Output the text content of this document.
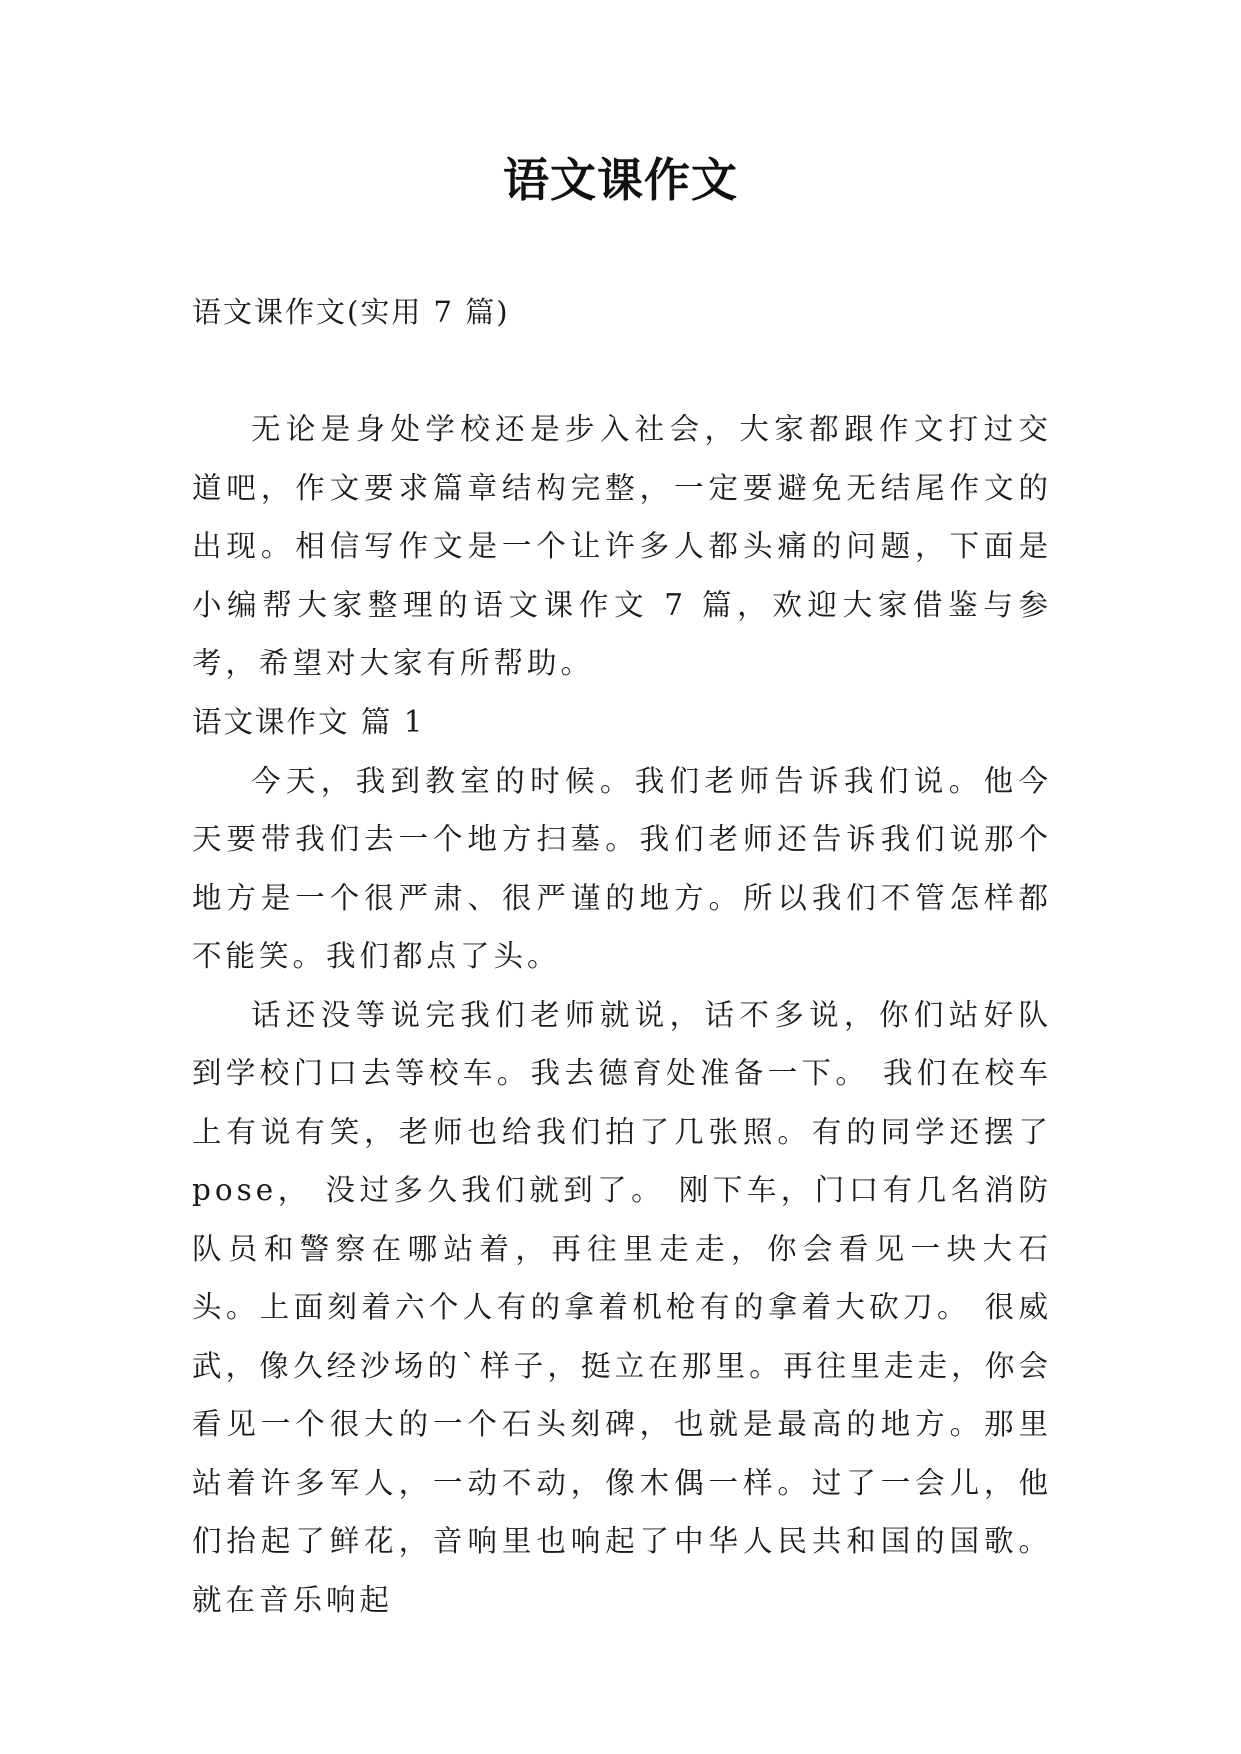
语文课作文
语文课作文(实用 7 篇)

无论是身处学校还是步入社会，大家都跟作文打过交道吧，作文要求篇章结构完整，一定要避免无结尾作文的出现。相信写作文是一个让许多人都头痛的问题，下面是小编帮大家整理的语文课作文 7 篇，欢迎大家借鉴与参考，希望对大家有所帮助。

语文课作文 篇 1

今天，我到教室的时候。我们老师告诉我们说。他今天要带我们去一个地方扫墓。我们老师还告诉我们说那个地方是一个很严肃、很严谨的地方。所以我们不管怎样都不能笑。我们都点了头。

话还没等说完我们老师就说，话不多说，你们站好队到学校门口去等校车。我去德育处准备一下。 我们在校车上有说有笑，老师也给我们拍了几张照。有的同学还摆了 pose， 没过多久我们就到了。 刚下车，门口有几名消防队员和警察在哪站着，再往里走走，你会看见一块大石头。上面刻着六个人有的拿着机枪有的拿着大砍刀。 很威武，像久经沙场的`样子，挺立在那里。再往里走走，你会看见一个很大的一个石头刻碑，也就是最高的地方。那里站着许多军人，一动不动，像木偶一样。过了一会儿，他们抬起了鲜花，音响里也响起了中华人民共和国的国歌。就在音乐响起
